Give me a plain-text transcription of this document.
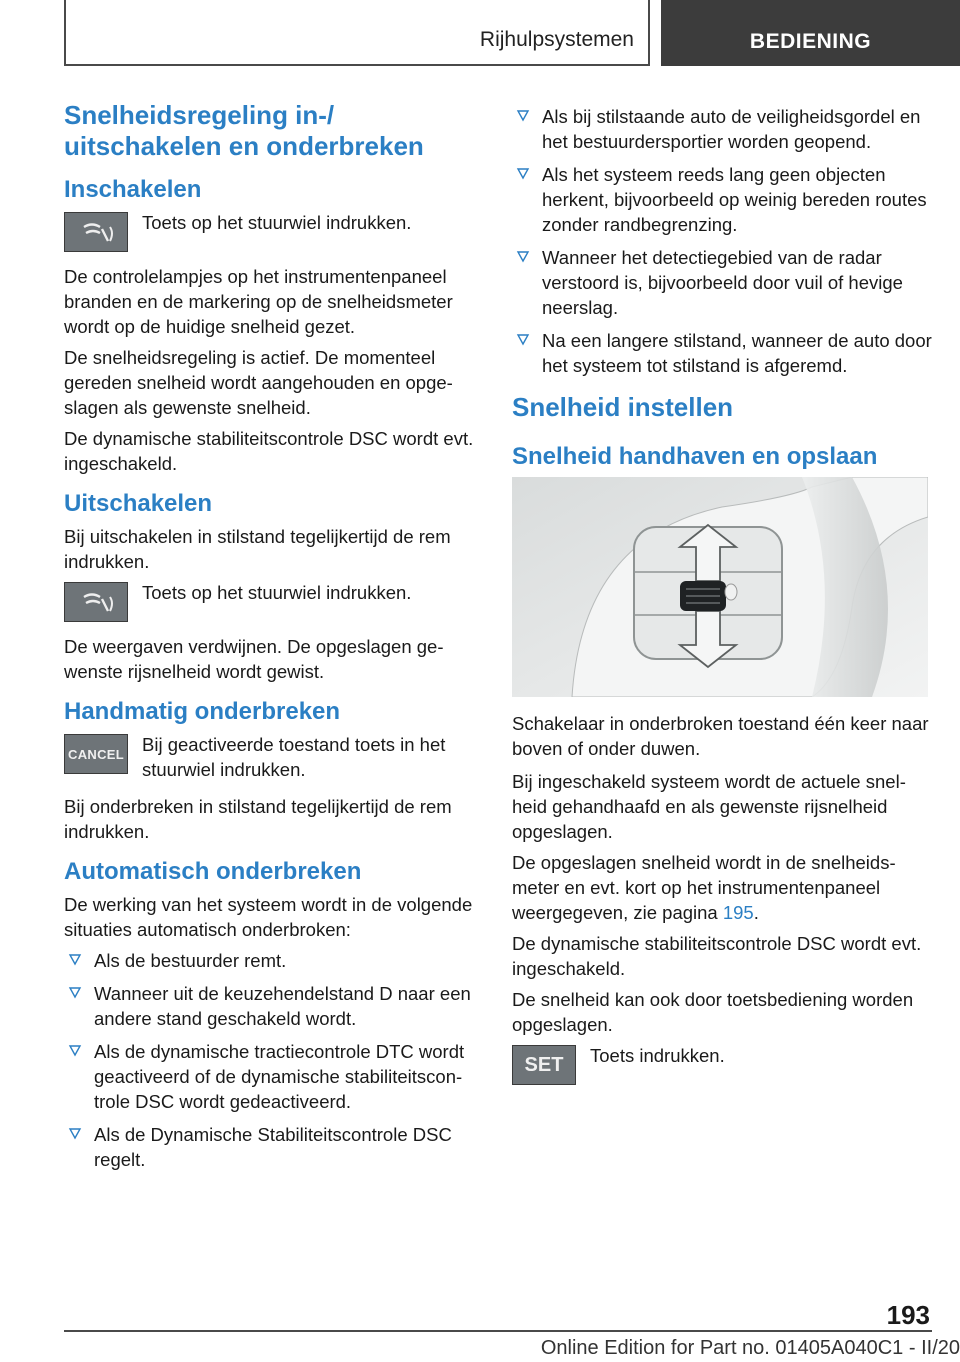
Rijhulpsystemen	BEDIENING
Snelheidsregeling in-/ uitschakelen en onderbreken
Inschakelen
Toets op het stuurwiel indrukken.

De controlelampjes op het instrumentenpaneel branden en de markering op de snelheidsmeter wordt op de huidige snelheid gezet.

De snelheidsregeling is actief. De momenteel gereden snelheid wordt aangehouden en opgeslagen als gewenste snelheid.

De dynamische stabiliteitscontrole DSC wordt evt. ingeschakeld.

Uitschakelen

Bij uitschakelen in stilstand tegelijkertijd de rem indrukken.

Toets op het stuurwiel indrukken.

De weergaven verdwijnen. De opgeslagen gewenste rijsnelheid wordt gewist.

Handmatig onderbreken
CANCEL Bij geactiveerde toestand toets in het stuurwiel indrukken.

Bij onderbreken in stilstand tegelijkertijd de rem indrukken.

Automatisch onderbreken

De werking van het systeem wordt in de volgende situaties automatisch onderbroken:

Als de bestuurder remt.
Wanneer uit de keuzehendelstand D naar een andere stand geschakeld wordt.
Als de dynamische tractiecontrole DTC wordt geactiveerd of de dynamische stabiliteitscontrole DSC wordt gedeactiveerd.
Als de Dynamische Stabiliteitscontrole DSC regelt.
Als bij stilstaande auto de veiligheidsgordel en het bestuurdersportier worden geopend.
Als het systeem reeds lang geen objecten herkent, bijvoorbeeld op weinig bereden routes zonder randbegrenzing.
Wanneer het detectiegebied van de radar verstoord is, bijvoorbeeld door vuil of hevige neerslag.
Na een langere stilstand, wanneer de auto door het systeem tot stilstand is afgeremd.
Snelheid instellen
Snelheid handhaven en opslaan

Schakelaar in onderbroken toestand één keer naar boven of onder duwen.

Bij ingeschakeld systeem wordt de actuele snelheid gehandhaafd en als gewenste rijsnelheid opgeslagen.

De opgeslagen snelheid wordt in de snelheidsmeter en evt. kort op het instrumentenpaneel weergegeven, zie pagina 195.

De dynamische stabiliteitscontrole DSC wordt evt. ingeschakeld.

De snelheid kan ook door toetsbediening worden opgeslagen.

SET Toets indrukken.
193
Online Edition for Part no. 01405A040C1 - II/20
